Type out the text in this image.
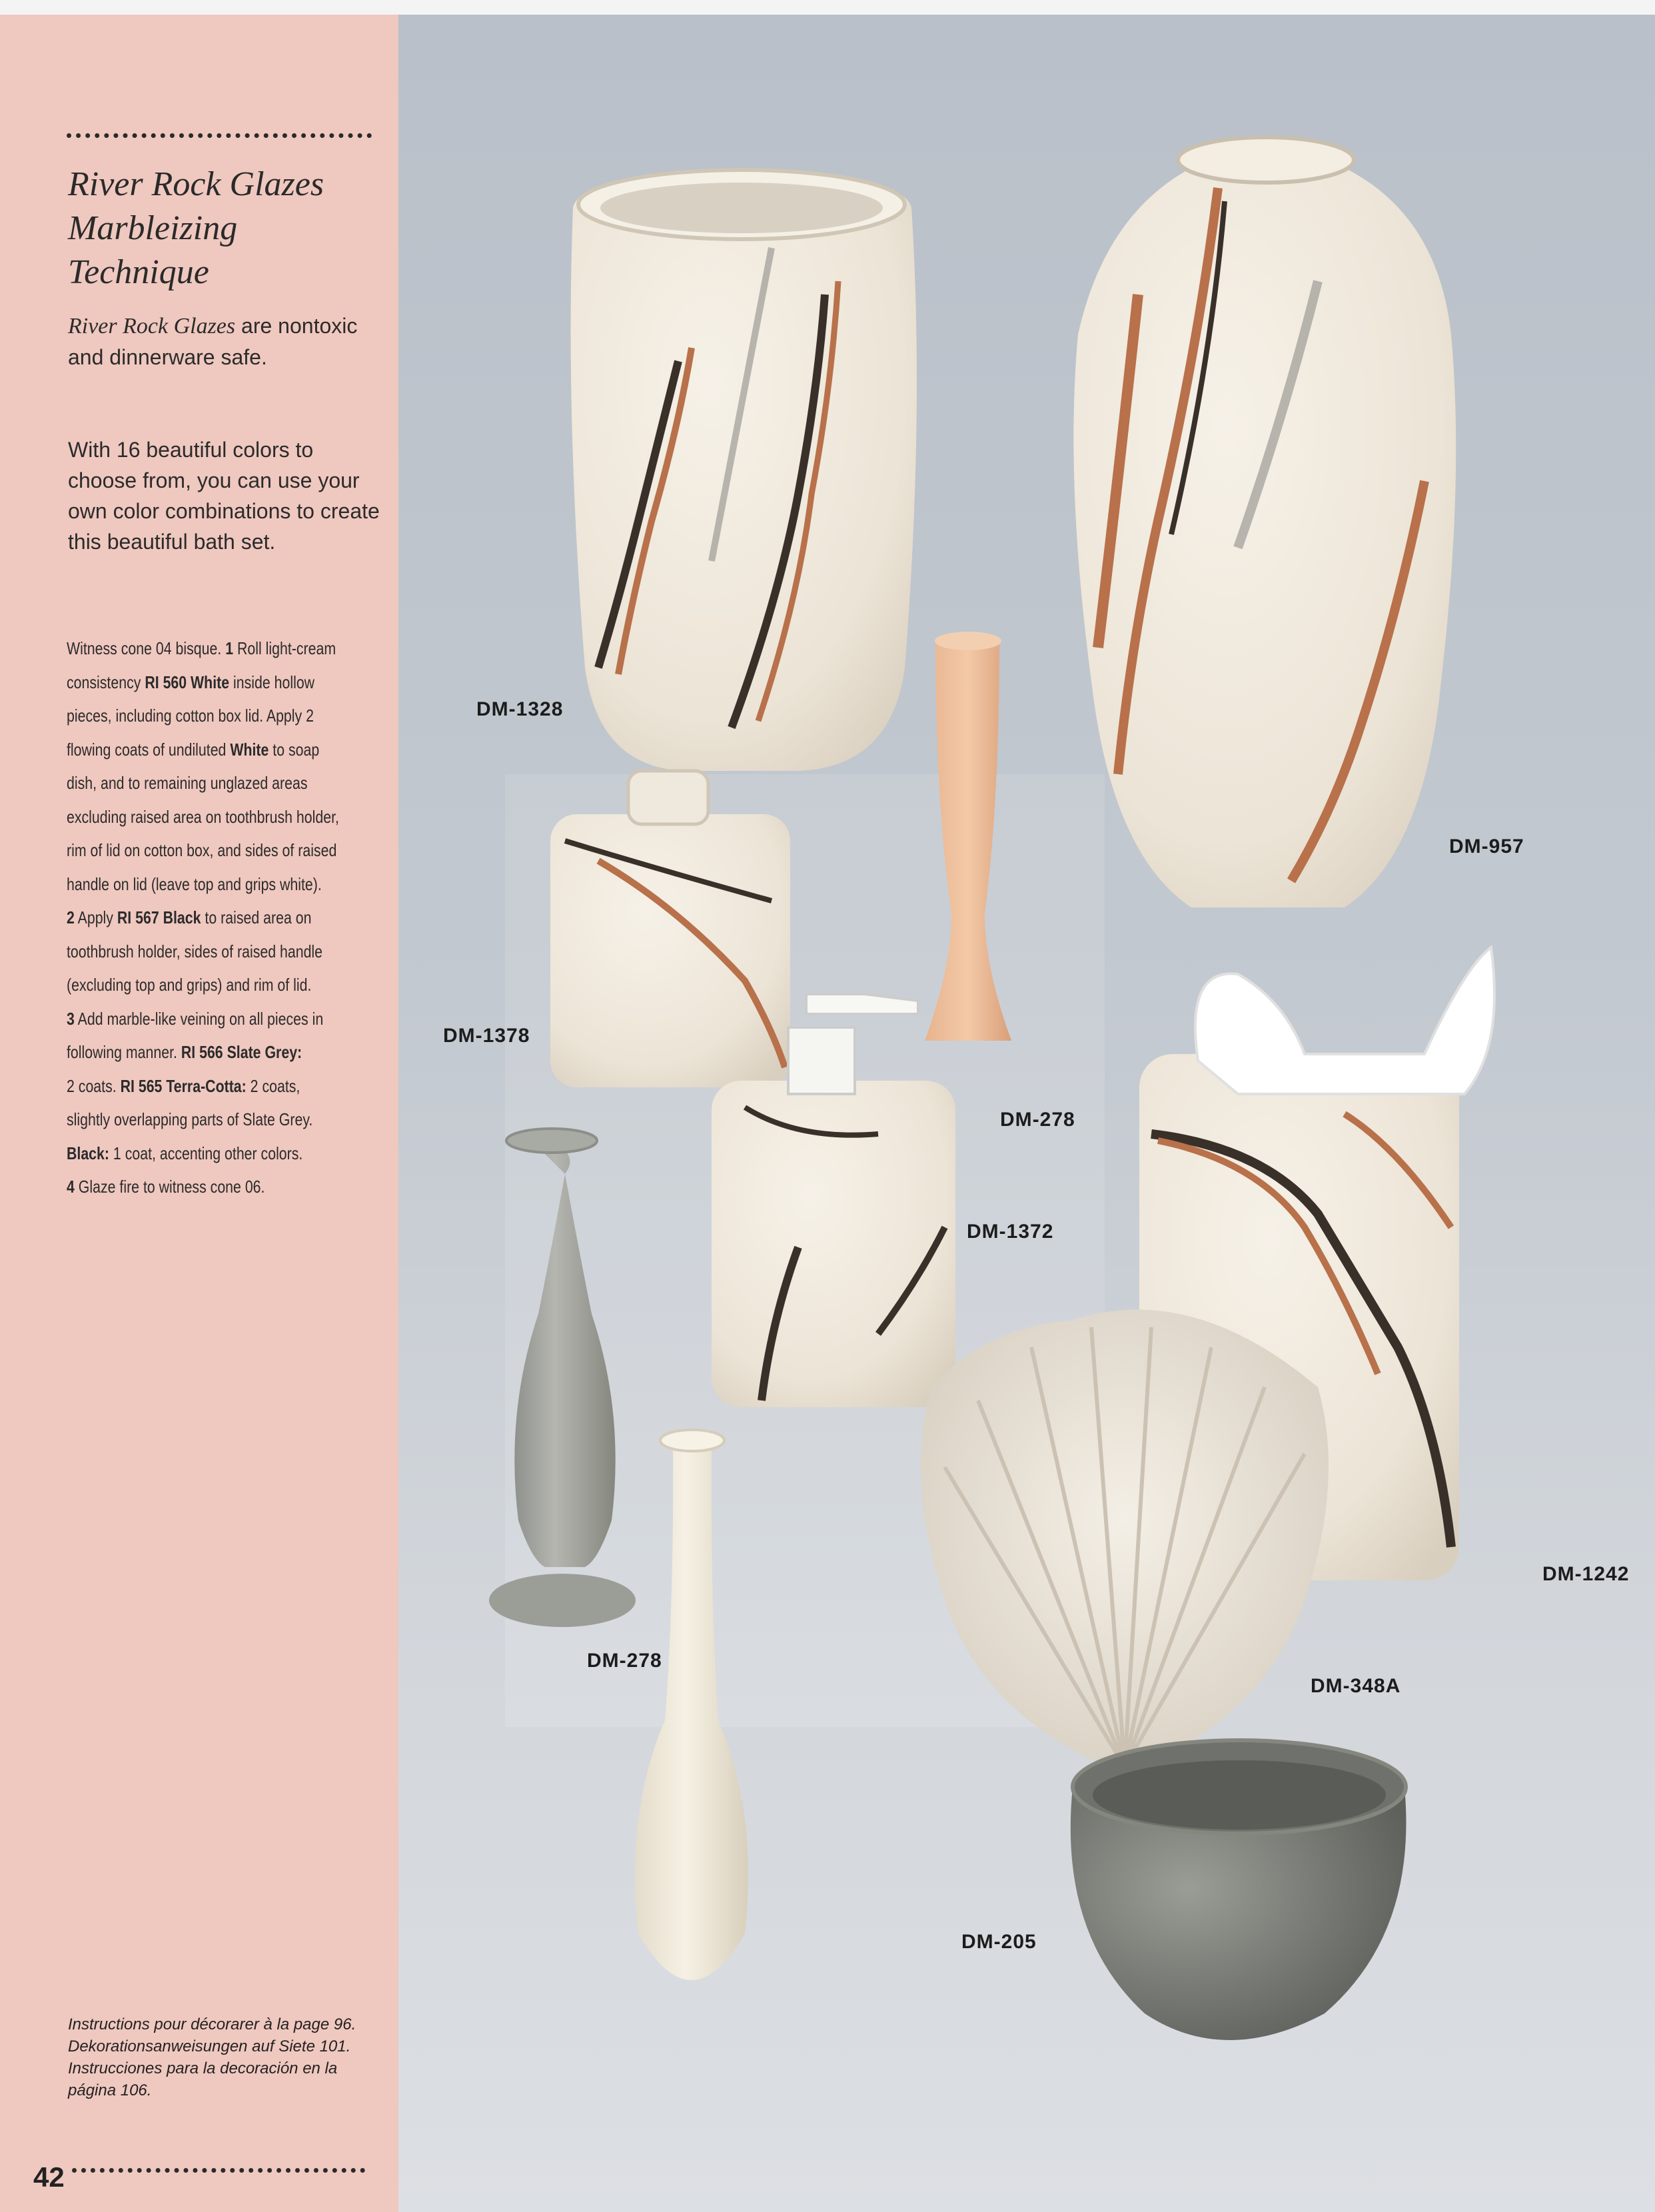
River Rock Glazes
Marbleizing
Technique

River Rock Glazes are nontoxic and dinnerware safe.

With 16 beautiful colors to choose from, you can use your own color combinations to create this beautiful bath set.

Witness cone 04 bisque. 1 Roll light-cream
consistency RI 560 White inside hollow
pieces, including cotton box lid. Apply 2
flowing coats of undiluted White to soap
dish, and to remaining unglazed areas
excluding raised area on toothbrush holder,
rim of lid on cotton box, and sides of raised
handle on lid (leave top and grips white).
2 Apply RI 567 Black to raised area on
toothbrush holder, sides of raised handle
(excluding top and grips) and rim of lid.
3 Add marble-like veining on all pieces in
following manner. RI 566 Slate Grey:
2 coats. RI 565 Terra-Cotta: 2 coats,
slightly overlapping parts of Slate Grey.
Black: 1 coat, accenting other colors.
4 Glaze fire to witness cone 06.
Instructions pour décorarer à la page 96.
Dekorationsanweisungen auf Siete 101.
Instrucciones para la decoración en la
página 106.
42
DM-1328
DM-957
DM-1378
DM-278
DM-1372
DM-1242
DM-278
DM-348A
DM-205
